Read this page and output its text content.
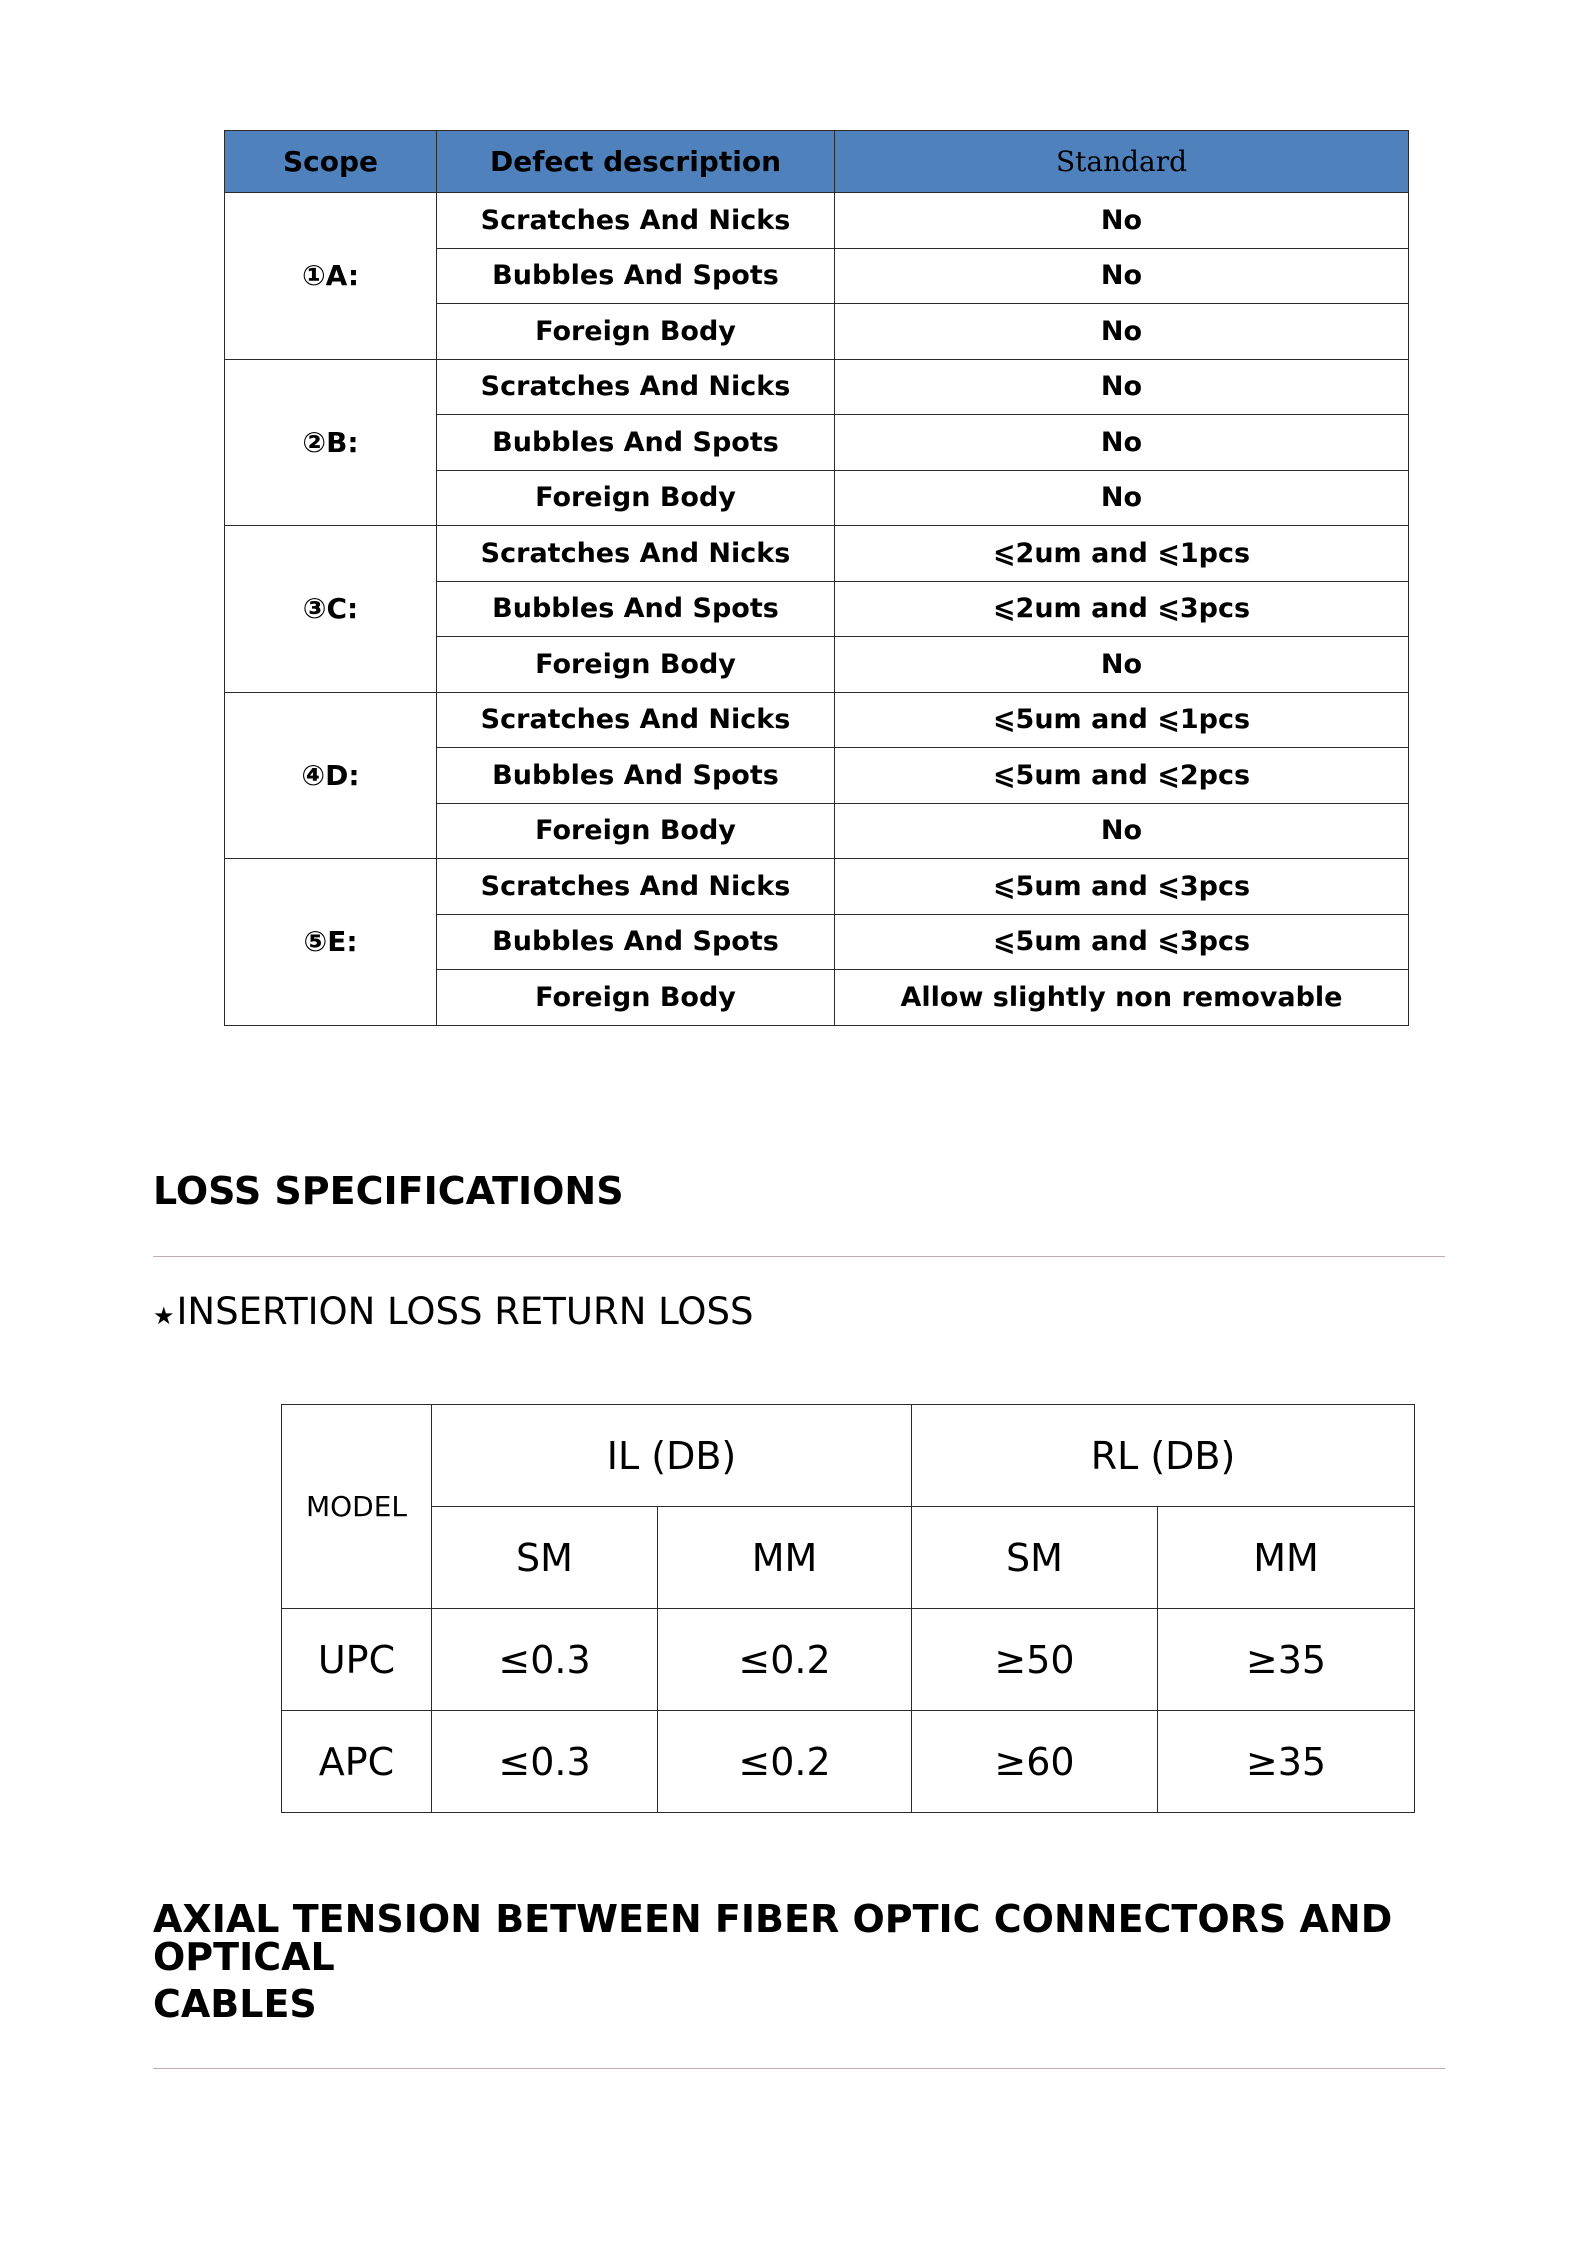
Scope	Defect description	Standard
①A:	Scratches And Nicks	No
	Bubbles And Spots	No
	Foreign Body	No
②B:	Scratches And Nicks	No
	Bubbles And Spots	No
	Foreign Body	No
③C:	Scratches And Nicks	⩽2um and ⩽1pcs
	Bubbles And Spots	⩽2um and ⩽3pcs
	Foreign Body	No
④D:	Scratches And Nicks	⩽5um and ⩽1pcs
	Bubbles And Spots	⩽5um and ⩽2pcs
	Foreign Body	No
⑤E:	Scratches And Nicks	⩽5um and ⩽3pcs
	Bubbles And Spots	⩽5um and ⩽3pcs
	Foreign Body	Allow slightly non removable
LOSS SPECIFICATIONS
★ INSERTION LOSS RETURN LOSS
MODEL	IL (DB)		RL (DB)	
	SM	MM	SM	MM
UPC	≤0.3	≤0.2	≥50	≥35
APC	≤0.3	≤0.2	≥60	≥35
AXIAL TENSION BETWEEN FIBER OPTIC CONNECTORS AND OPTICAL
CABLES
